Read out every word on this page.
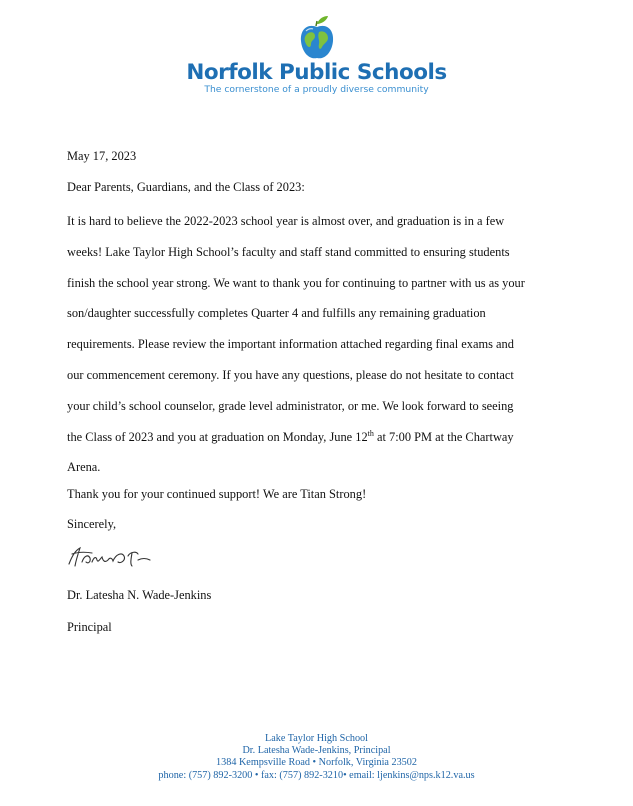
Norfolk Public Schools
The cornerstone of a proudly diverse community
May 17, 2023
Dear Parents, Guardians, and the Class of 2023:
It is hard to believe the 2022-2023 school year is almost over, and graduation is in a few
weeks! Lake Taylor High School’s faculty and staff stand committed to ensuring students
finish the school year strong. We want to thank you for continuing to partner with us as your
son/daughter successfully completes Quarter 4 and fulfills any remaining graduation
requirements. Please review the important information attached regarding final exams and
our commencement ceremony. If you have any questions, please do not hesitate to contact
your child’s school counselor, grade level administrator, or me. We look forward to seeing
the Class of 2023 and you at graduation on Monday, June 12th at 7:00 PM at the Chartway
Arena.
Thank you for your continued support! We are Titan Strong!
Sincerely,
Dr. Latesha N. Wade-Jenkins
Principal
Lake Taylor High School
Dr. Latesha Wade-Jenkins, Principal
1384 Kempsville Road • Norfolk, Virginia 23502
phone: (757) 892-3200 • fax: (757) 892-3210• email: ljenkins@nps.k12.va.us
